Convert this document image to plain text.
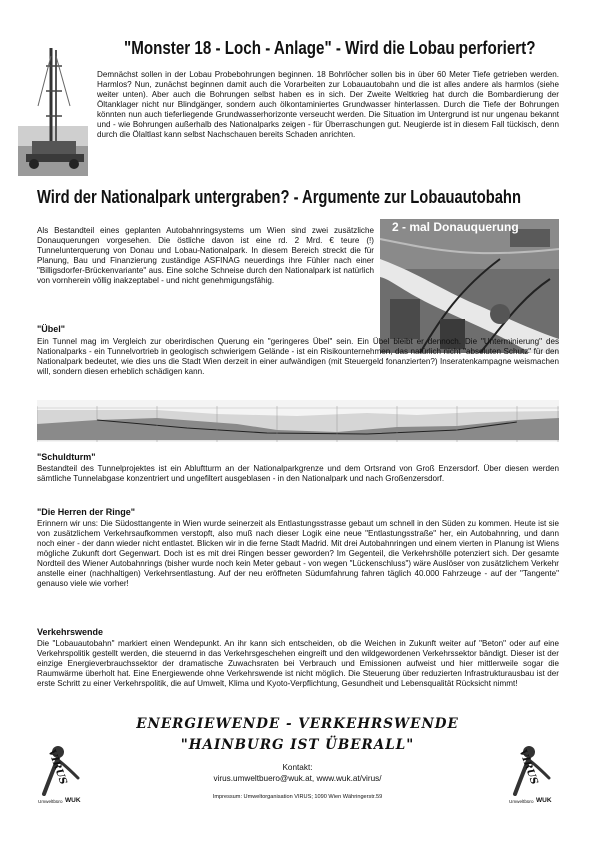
"Monster 18 - Loch - Anlage" - Wird die Lobau perforiert?
Demnächst sollen in der Lobau Probebohrungen beginnen. 18 Bohrlöcher sollen bis in über 60 Meter Tiefe getrieben werden. Harmlos? Nun, zunächst beginnen damit auch die Vorarbeiten zur Lobauautobahn und die ist alles andere als harmlos (siehe weiter unten). Aber auch die Bohrungen selbst haben es in sich. Der Zweite Weltkrieg hat durch die Bombardierung der Öltanklager nicht nur Blindgänger, sondern auch ölkontaminiertes Grundwasser hinterlassen. Durch die Tiefe der Bohrungen könnten nun auch tieferliegende Grundwasserhorizonte verseucht werden. Die Situation im Untergrund ist nur ungenau bekannt und - wie Bohrungen außerhalb des Nationalparks zeigen - für Überraschungen gut. Neugierde ist in diesem Fall tückisch, denn durch die Ölaltlast kann selbst Nachschauen bereits Schaden anrichten.
Wird der Nationalpark untergraben? - Argumente zur Lobauautobahn
Als Bestandteil eines geplanten Autobahnringsystems um Wien sind zwei zusätzliche Donauquerungen vorgesehen. Die östliche davon ist eine rd. 2 Mrd. € teure (!) Tunnelunterquerung von Donau und Lobau-Nationalpark. In diesem Bereich streckt die für Planung, Bau und Finanzierung zuständige ASFINAG neuerdings ihre Fühler nach einer "Billigsdorfer-Brückenvariante" aus. Eine solche Schneise durch den Nationalpark ist natürlich von vornherein völlig inakzeptabel - und nicht genehmigungsfähig.
2 - mal Donauquerung
"Übel"
Ein Tunnel mag im Vergleich zur oberirdischen Querung ein "geringeres Übel" sein. Ein Übel bleibt er dennoch. Die "Unterminierung" des Nationalparks - ein Tunnelvortrieb in geologisch schwierigem Gelände - ist ein Risikounternehmen, das natürlich nicht "absoluten Schutz" für den Nationalpark bedeutet, wie dies uns die Stadt Wien derzeit in einer aufwändigen (mit Steuergeld fonanzierten?) Inseratenkampagne weismachen will, sondern diesen erheblich schädigen kann.
"Schuldturm"
Bestandteil des Tunnelprojektes ist ein Abluftturm an der Nationalparkgrenze und dem Ortsrand von Groß Enzersdorf. Über diesen werden sämtliche Tunnelabgase konzentriert und ungefiltert ausgeblasen - in den Nationalpark und nach Großenzersdorf.
"Die Herren der Ringe"
Erinnern wir uns: Die Südosttangente in Wien wurde seinerzeit als Entlastungsstrasse gebaut um schnell in den Süden zu kommen. Heute ist sie von zusätzlichem Verkehrsaufkommen verstopft, also muß nach dieser Logik eine neue "Entlastungsstraße" her, ein Autobahnring, und dann noch einer - der dann wieder nicht entlastet. Blicken wir in die ferne Stadt Madrid. Mit drei Autobahnringen und einem vierten in Planung ist Wiens mögliche Zukunft dort Gegenwart. Doch ist es mit drei Ringen besser geworden? Im Gegenteil, die Verkehrshölle potenziert sich. Der gesamte Nordteil des Wiener Autobahnrings (bisher wurde noch kein Meter gebaut - von wegen "Lückenschluss") wäre Auslöser von zusätzlichem Verkehr anstelle einer (nachhaltigen) Verkehrsentlastung. Auf der neu eröffneten Südumfahrung fahren täglich 40.000 Fahrzeuge - auf der "Tangente" genauso viele wie vorher!
Verkehrswende
Die "Lobauautobahn" markiert einen Wendepunkt. An ihr kann sich entscheiden, ob die Weichen in Zukunft weiter auf "Beton" oder auf eine Verkehrspolitik gestellt werden, die steuernd in das Verkehrsgeschehen eingreift und den wildgewordenen Verkehrssektor bändigt. Dieser ist der einzige Energieverbrauchssektor der dramatische Zuwachsraten bei Verbrauch und Emissionen aufweist und hier mittlerweile sogar die Raumwärme überholt hat. Eine Energiewende ohne Verkehrswende ist nicht möglich. Die Steuerung über reduzierten Infrastrukturausbau ist der erste Schritt zu einer Verkehrspolitik, die auf Umwelt, Klima und Kyoto-Verpflichtung, Gesundheit und Lebensqualität Rücksicht nimmt!
ENERGIEWENDE - VERKEHRSWENDE
"HAINBURG IST ÜBERALL"
Kontakt:
virus.umweltbuero@wuk.at, www.wuk.at/virus/
Impressum: Umweltorganisation VIRUS; 1090 Wien Währingerstr.59
VIRUS
Umweltbüro WUK
VIRUS
Umweltbüro WUK
